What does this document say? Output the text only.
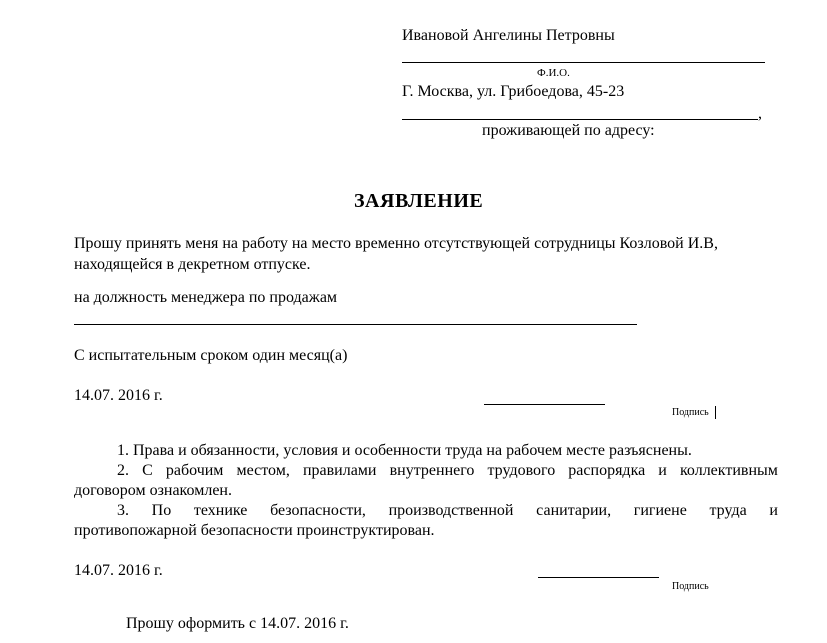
Ивановой Ангелины Петровны
Ф.И.О.
Г. Москва, ул. Грибоедова, 45-23
,
проживающей по адресу:
ЗАЯВЛЕНИЕ
Прошу принять меня на работу на место временно отсутствующей сотрудницы Козловой И.В,
находящейся в декретном отпуске.
на должность менеджера по продажам
С испытательным сроком один месяц(а)
14.07. 2016 г.
Подпись
1. Права и обязанности, условия и особенности труда на рабочем месте разъяснены.
2. С рабочим местом, правилами внутреннего трудового распорядка и коллективным
договором ознакомлен.
3. По технике безопасности, производственной санитарии, гигиене труда и
противопожарной безопасности проинструктирован.
14.07. 2016 г.
Подпись
Прошу оформить с 14.07. 2016 г.
